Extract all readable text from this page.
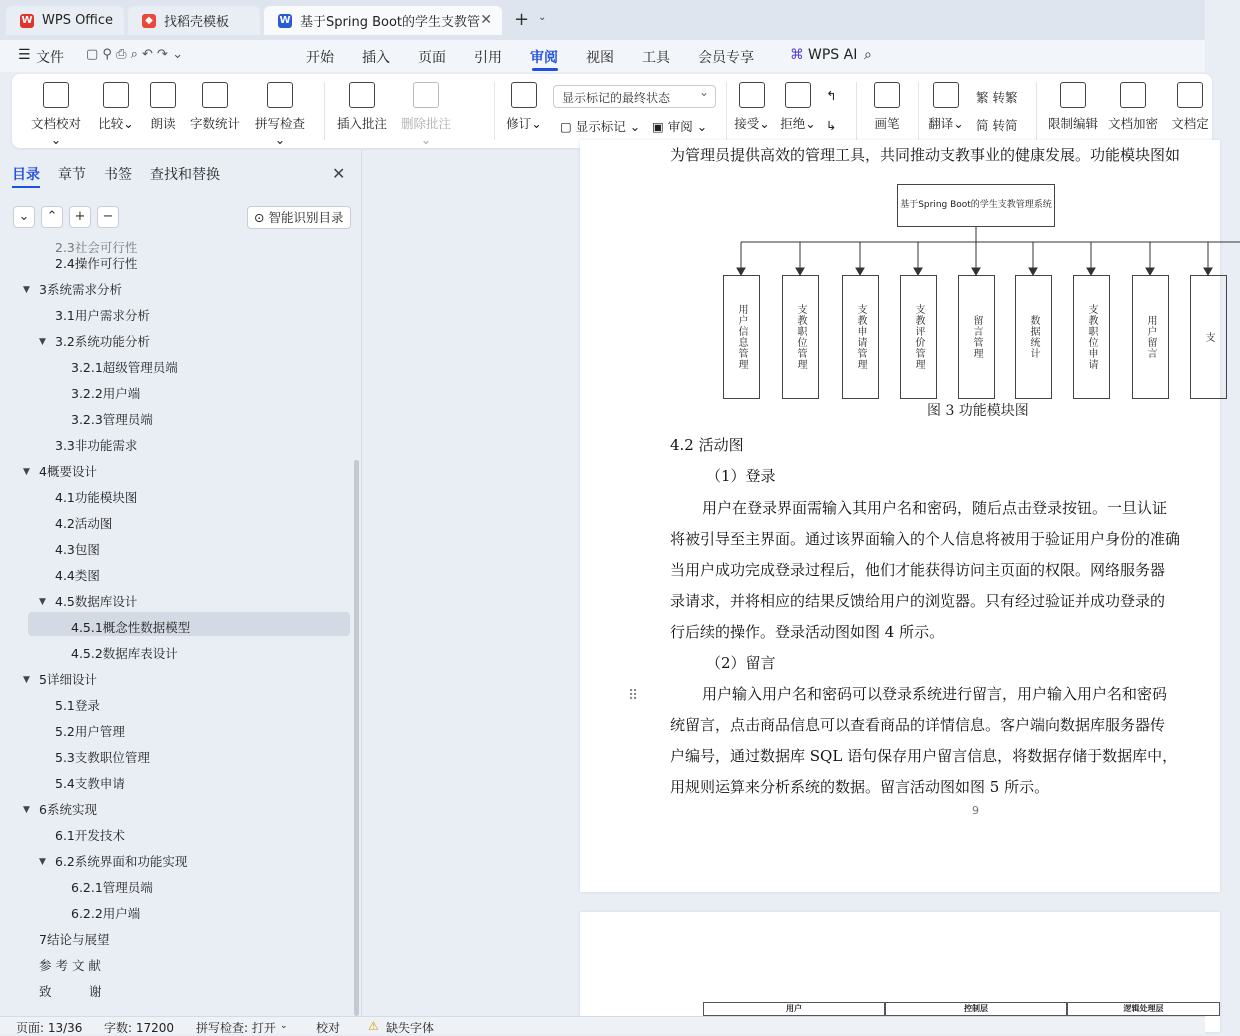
W WPS Office	◆ 找稻壳模板	W 基于Spring Boot的学生支教管 ✕ + ⌄
☰ 文件 ▢ ⚲ ⎙ ⌕ ↶ ↷ ⌄	开始 插入 页面 引用 审阅 视图 工具 会员专享	⌘ WPS AI ⌕
文档校对⌄
比较⌄ 朗读 字数统计	拼写检查⌄
插入批注	删除批注⌄
修订⌄
显示标记的最终状态 ⌄
▢ 显示标记 ⌄ ▣ 审阅 ⌄ 接受⌄ 拒绝⌄
↰
↳	画笔 翻译⌄
繁 转繁
简 转简 限制编辑 文档加密 文档定
目录 章节 书签 查找和替换	✕
⌄	⌃	+	−	⊙ 智能识别目录
2.3社会可行性
2.4操作可行性
▼ 3系统需求分析
3.1用户需求分析
▼ 3.2系统功能分析
3.2.1超级管理员端
3.2.2用户端
3.2.3管理员端
3.3非功能需求
▼ 4概要设计
4.1功能模块图
4.2活动图
4.3包图
4.4类图
▼ 4.5数据库设计
4.5.1概念性数据模型
4.5.2数据库表设计
▼ 5详细设计
5.1登录
5.2用户管理
5.3支教职位管理
5.4支教申请
▼ 6系统实现
6.1开发技术
▼ 6.2系统界面和功能实现
6.2.1管理员端
6.2.2用户端
7结论与展望
参 考 文 献
致　　　谢
为管理员提供高效的管理工具，共同推动支教事业的健康发展。功能模块图如
基于Spring Boot的学生支教管理系统
用户信息管理	支教职位管理	支教申请管理	支教评价管理	留言管理	数据统计	支教职位申请	用户留言	支
图 3 功能模块图
4.2 活动图
（1）登录
用户在登录界面需输入其用户名和密码，随后点击登录按钮。一旦认证
将被引导至主界面。通过该界面输入的个人信息将被用于验证用户身份的准确
当用户成功完成登录过程后，他们才能获得访问主页面的权限。网络服务器
录请求，并将相应的结果反馈给用户的浏览器。只有经过验证并成功登录的
行后续的操作。登录活动图如图 4 所示。
（2）留言
⠿	用户输入用户名和密码可以登录系统进行留言，用户输入用户名和密码
统留言，点击商品信息可以查看商品的详情信息。客户端向数据库服务器传
户编号，通过数据库 SQL 语句保存用户留言信息，将数据存储于数据库中，
用规则运算来分析系统的数据。留言活动图如图 5 所示。
9
用户	控制层	逻辑处理层
页面: 13/36 字数: 17200 拼写检查: 打开 ⌄ 校对 ⚠ 缺失字体
